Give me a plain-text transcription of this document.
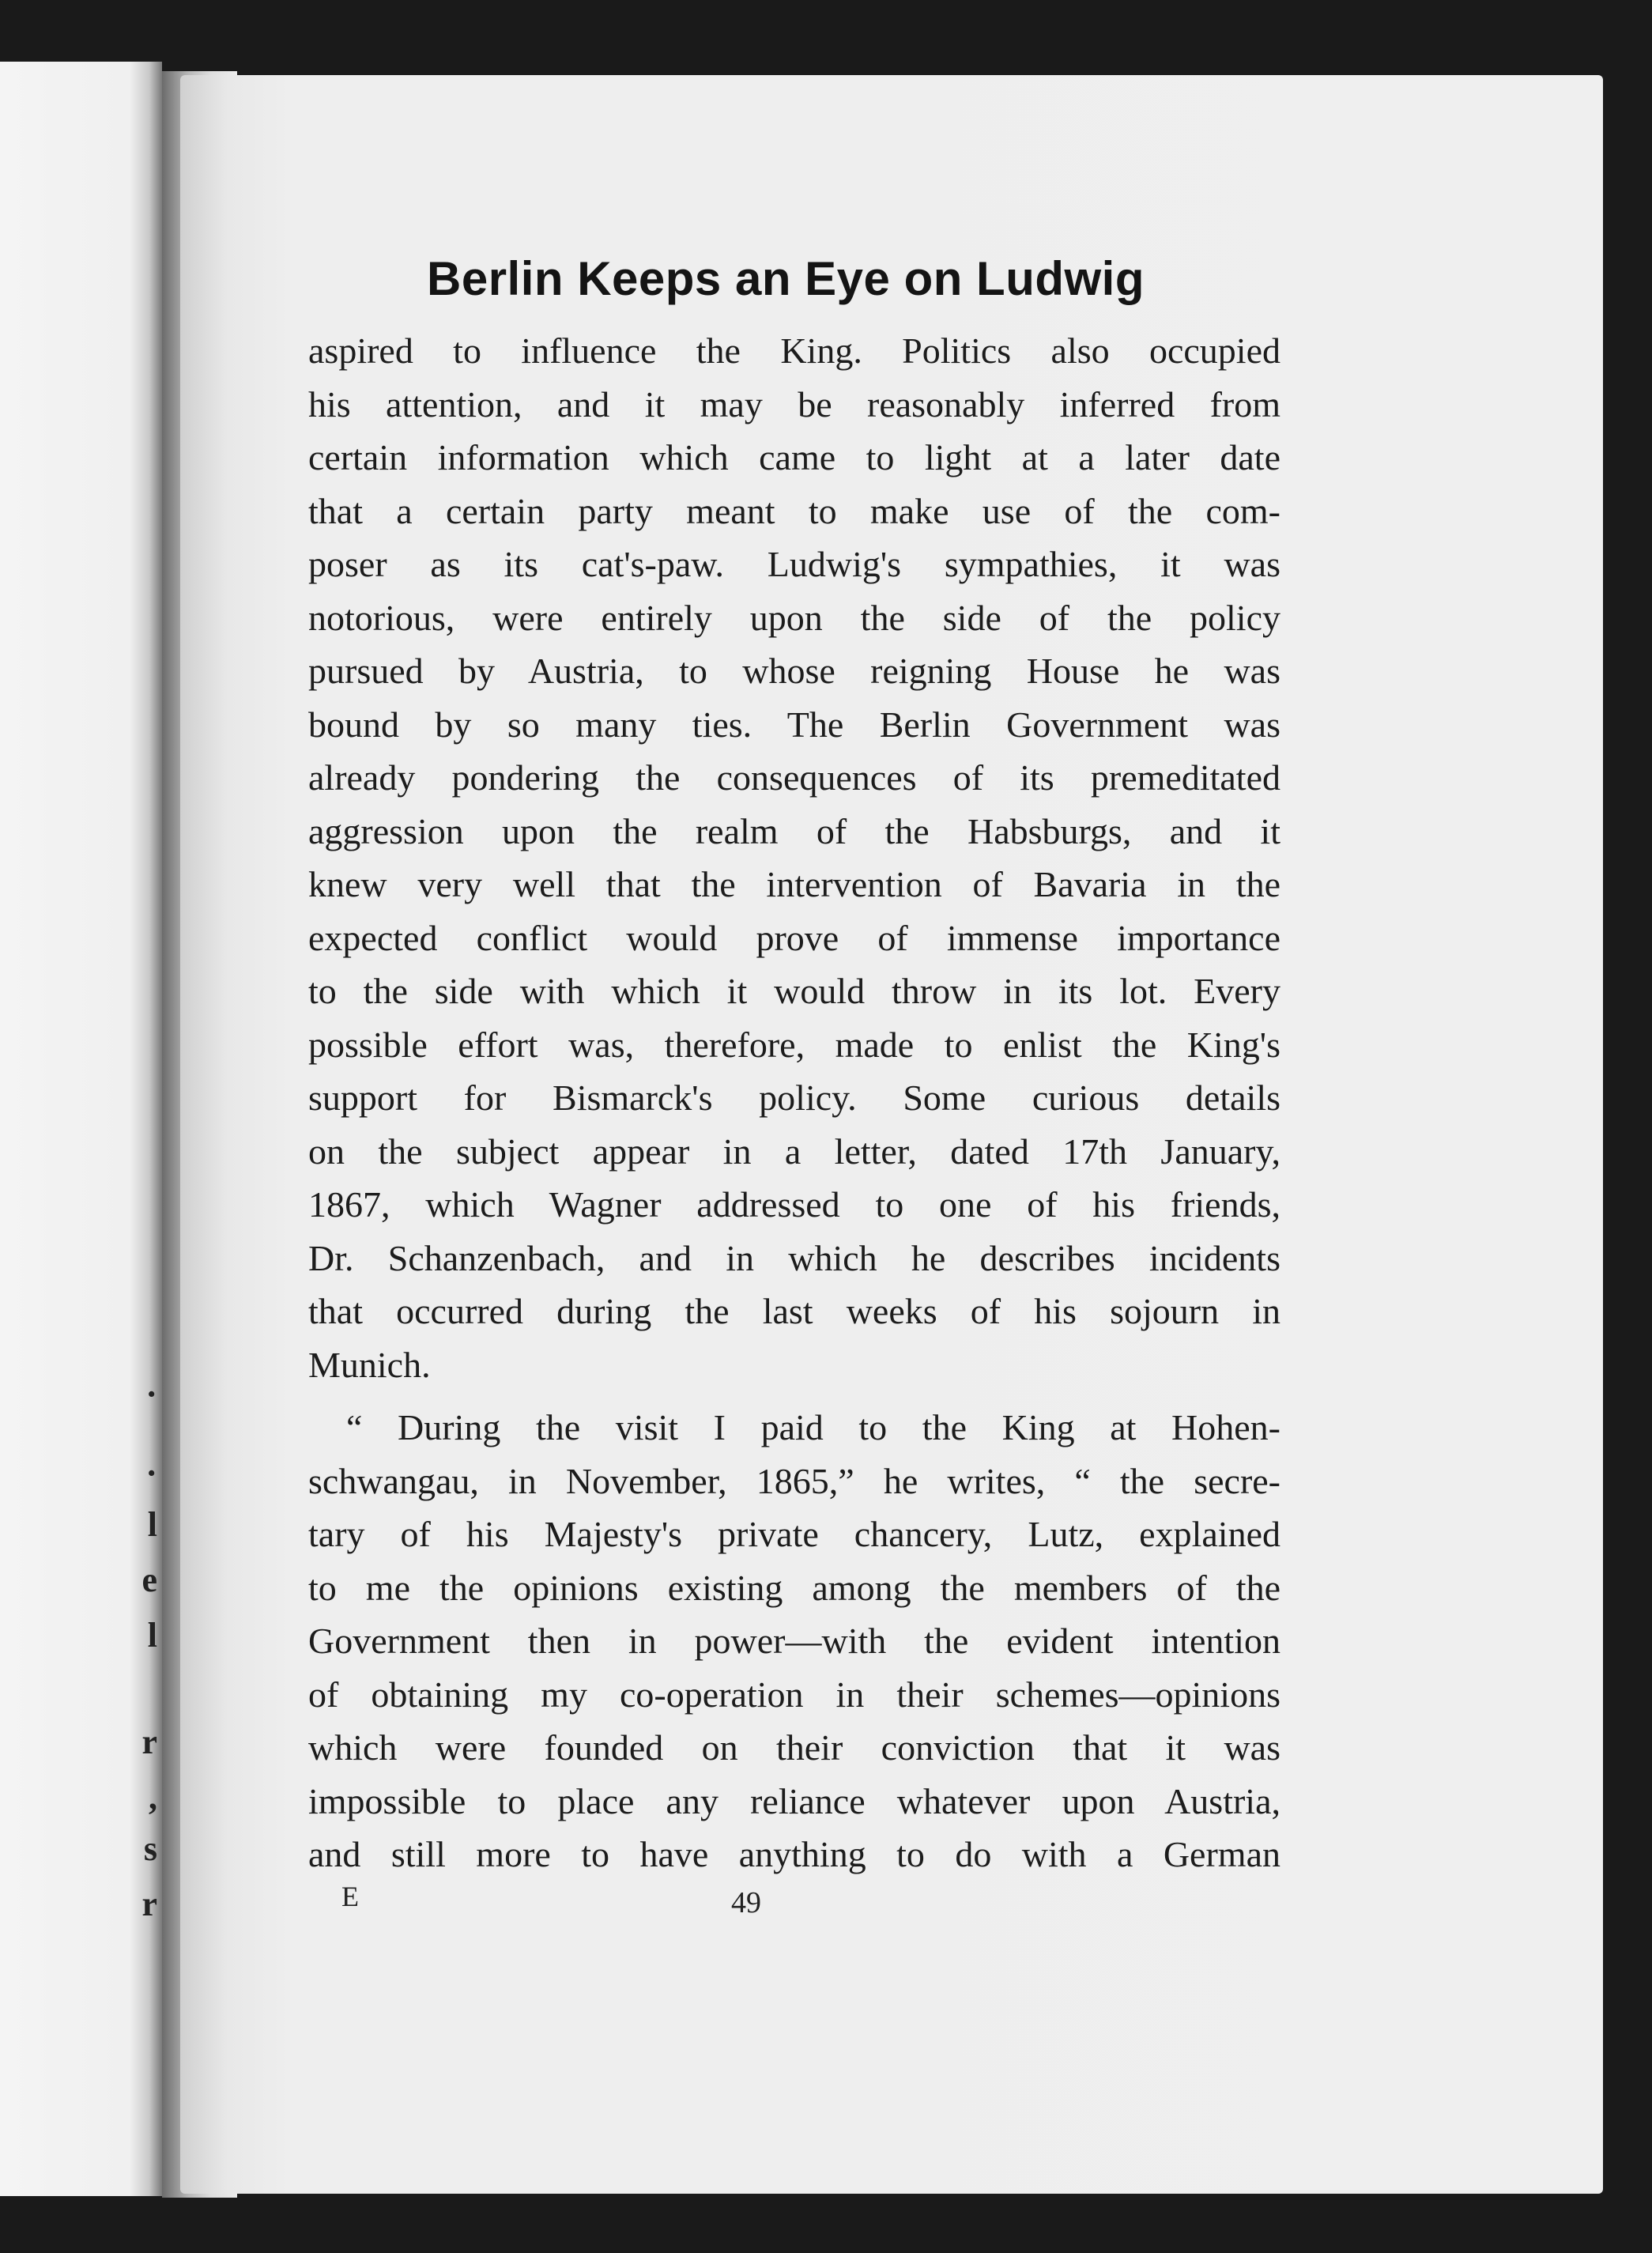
·
·
l
e
l
r
,
s
r
Berlin Keeps an Eye on Ludwig
aspired to influence the King. Politics also occupied
his attention, and it may be reasonably inferred from
certain information which came to light at a later date
that a certain party meant to make use of the com-
poser as its cat's-paw. Ludwig's sympathies, it was
notorious, were entirely upon the side of the policy
pursued by Austria, to whose reigning House he was
bound by so many ties. The Berlin Government was
already pondering the consequences of its premeditated
aggression upon the realm of the Habsburgs, and it
knew very well that the intervention of Bavaria in the
expected conflict would prove of immense importance
to the side with which it would throw in its lot. Every
possible effort was, therefore, made to enlist the King's
support for Bismarck's policy. Some curious details
on the subject appear in a letter, dated 17th January,
1867, which Wagner addressed to one of his friends,
Dr. Schanzenbach, and in which he describes incidents
that occurred during the last weeks of his sojourn in
Munich.
“ During the visit I paid to the King at Hohen-
schwangau, in November, 1865,” he writes, “ the secre-
tary of his Majesty's private chancery, Lutz, explained
to me the opinions existing among the members of the
Government then in power—with the evident intention
of obtaining my co-operation in their schemes—opinions
which were founded on their conviction that it was
impossible to place any reliance whatever upon Austria,
and still more to have anything to do with a German
E	49
